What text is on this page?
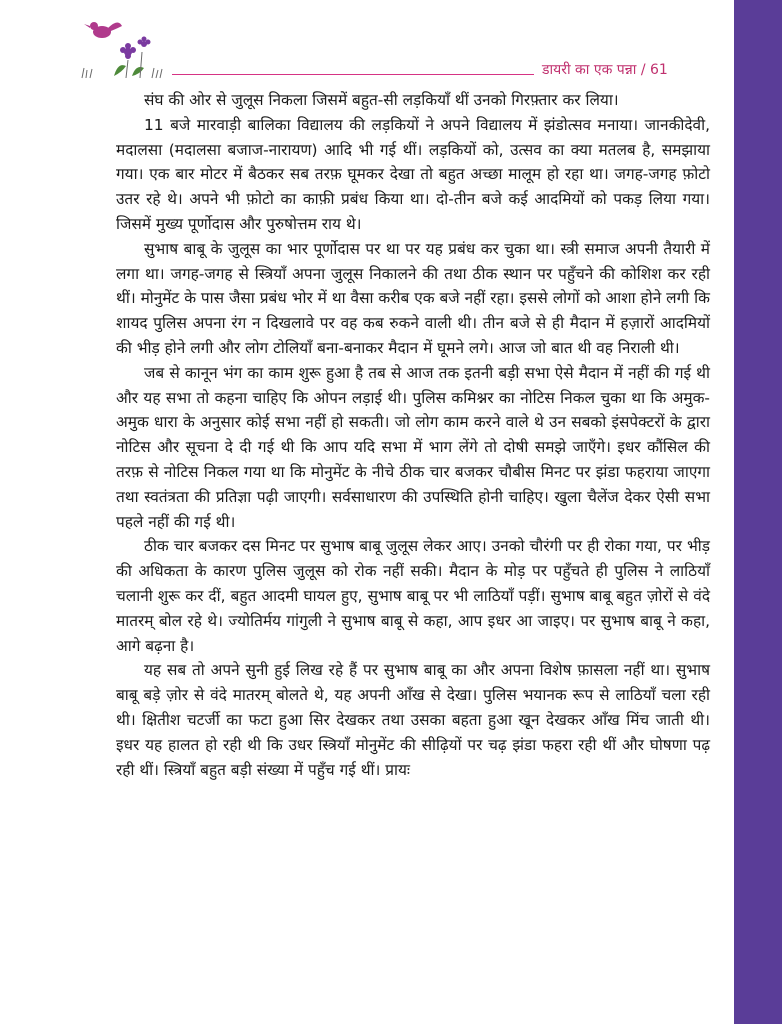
डायरी का एक पन्ना / 61

संघ की ओर से जुलूस निकला जिसमें बहुत-सी लड़कियाँ थीं उनको गिरफ़्तार कर लिया।

11 बजे मारवाड़ी बालिका विद्यालय की लड़कियों ने अपने विद्यालय में झंडोत्सव मनाया। जानकीदेवी, मदालसा (मदालसा बजाज-नारायण) आदि भी गई थीं। लड़कियों को, उत्सव का क्या मतलब है, समझाया गया। एक बार मोटर में बैठकर सब तरफ़ घूमकर देखा तो बहुत अच्छा मालूम हो रहा था। जगह-जगह फ़ोटो उतर रहे थे। अपने भी फ़ोटो का काफ़ी प्रबंध किया था। दो-तीन बजे कई आदमियों को पकड़ लिया गया। जिसमें मुख्य पूर्णोदास और पुरुषोत्तम राय थे।

सुभाष बाबू के जुलूस का भार पूर्णोदास पर था पर यह प्रबंध कर चुका था। स्त्री समाज अपनी तैयारी में लगा था। जगह-जगह से स्त्रियाँ अपना जुलूस निकालने की तथा ठीक स्थान पर पहुँचने की कोशिश कर रही थीं। मोनुमेंट के पास जैसा प्रबंध भोर में था वैसा करीब एक बजे नहीं रहा। इससे लोगों को आशा होने लगी कि शायद पुलिस अपना रंग न दिखलावे पर वह कब रुकने वाली थी। तीन बजे से ही मैदान में हज़ारों आदमियों की भीड़ होने लगी और लोग टोलियाँ बना-बनाकर मैदान में घूमने लगे। आज जो बात थी वह निराली थी।

जब से कानून भंग का काम शुरू हुआ है तब से आज तक इतनी बड़ी सभा ऐसे मैदान में नहीं की गई थी और यह सभा तो कहना चाहिए कि ओपन लड़ाई थी। पुलिस कमिश्नर का नोटिस निकल चुका था कि अमुक-अमुक धारा के अनुसार कोई सभा नहीं हो सकती। जो लोग काम करने वाले थे उन सबको इंसपेक्टरों के द्वारा नोटिस और सूचना दे दी गई थी कि आप यदि सभा में भाग लेंगे तो दोषी समझे जाएँगे। इधर कौंसिल की तरफ़ से नोटिस निकल गया था कि मोनुमेंट के नीचे ठीक चार बजकर चौबीस मिनट पर झंडा फहराया जाएगा तथा स्वतंत्रता की प्रतिज्ञा पढ़ी जाएगी। सर्वसाधारण की उपस्थिति होनी चाहिए। खुला चैलेंज देकर ऐसी सभा पहले नहीं की गई थी।

ठीक चार बजकर दस मिनट पर सुभाष बाबू जुलूस लेकर आए। उनको चौरंगी पर ही रोका गया, पर भीड़ की अधिकता के कारण पुलिस जुलूस को रोक नहीं सकी। मैदान के मोड़ पर पहुँचते ही पुलिस ने लाठियाँ चलानी शुरू कर दीं, बहुत आदमी घायल हुए, सुभाष बाबू पर भी लाठियाँ पड़ीं। सुभाष बाबू बहुत ज़ोरों से वंदे मातरम् बोल रहे थे। ज्योतिर्मय गांगुली ने सुभाष बाबू से कहा, आप इधर आ जाइए। पर सुभाष बाबू ने कहा, आगे बढ़ना है।

यह सब तो अपने सुनी हुई लिख रहे हैं पर सुभाष बाबू का और अपना विशेष फ़ासला नहीं था। सुभाष बाबू बड़े ज़ोर से वंदे मातरम् बोलते थे, यह अपनी आँख से देखा। पुलिस भयानक रूप से लाठियाँ चला रही थी। क्षितीश चटर्जी का फटा हुआ सिर देखकर तथा उसका बहता हुआ खून देखकर आँख मिंच जाती थी। इधर यह हालत हो रही थी कि उधर स्त्रियाँ मोनुमेंट की सीढ़ियों पर चढ़ झंडा फहरा रही थीं और घोषणा पढ़ रही थीं। स्त्रियाँ बहुत बड़ी संख्या में पहुँच गई थीं। प्रायः
